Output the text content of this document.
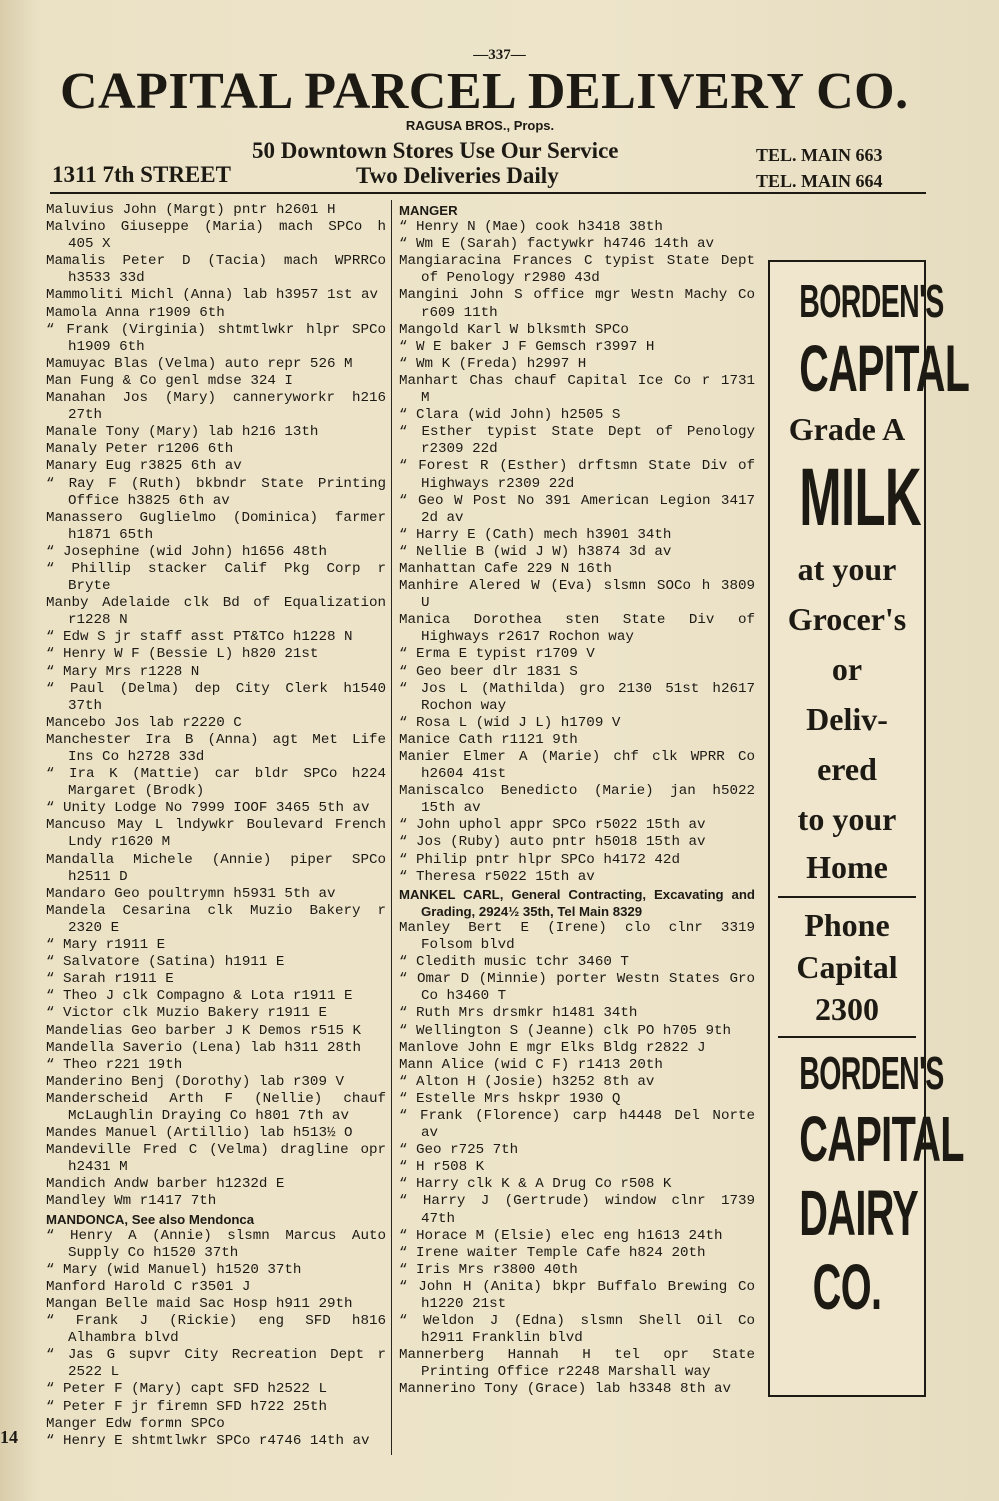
—337—
CAPITAL PARCEL DELIVERY CO.
RAGUSA BROS., Props.
50 Downtown Stores Use Our Service
1311 7th STREET	Two Deliveries Daily
TEL. MAIN 663
TEL. MAIN 664
Maluvius John (Margt) pntr h2601 H
Malvino Giuseppe (Maria) mach SPCo h 405 X
Mamalis Peter D (Tacia) mach WPRRCo h3533 33d
Mammoliti Michl (Anna) lab h3957 1st av
Mamola Anna r1909 6th
“ Frank (Virginia) shtmtlwkr hlpr SPCo h1909 6th
Mamuyac Blas (Velma) auto repr 526 M
Man Fung & Co genl mdse 324 I
Manahan Jos (Mary) canneryworkr h216 27th
Manale Tony (Mary) lab h216 13th
Manaly Peter r1206 6th
Manary Eug r3825 6th av
“ Ray F (Ruth) bkbndr State Printing Office h3825 6th av
Manassero Guglielmo (Dominica) farmer h1871 65th
“ Josephine (wid John) h1656 48th
“ Phillip stacker Calif Pkg Corp r Bryte
Manby Adelaide clk Bd of Equalization r1228 N
“ Edw S jr staff asst PT&TCo h1228 N
“ Henry W F (Bessie L) h820 21st
“ Mary Mrs r1228 N
“ Paul (Delma) dep City Clerk h1540 37th
Mancebo Jos lab r2220 C
Manchester Ira B (Anna) agt Met Life Ins Co h2728 33d
“ Ira K (Mattie) car bldr SPCo h224 Margaret (Brodk)
“ Unity Lodge No 7999 IOOF 3465 5th av
Mancuso May L lndywkr Boulevard French Lndy r1620 M
Mandalla Michele (Annie) piper SPCo h2511 D
Mandaro Geo poultrymn h5931 5th av
Mandela Cesarina clk Muzio Bakery r 2320 E
“ Mary r1911 E
“ Salvatore (Satina) h1911 E
“ Sarah r1911 E
“ Theo J clk Compagno & Lota r1911 E
“ Victor clk Muzio Bakery r1911 E
Mandelias Geo barber J K Demos r515 K
Mandella Saverio (Lena) lab h311 28th
“ Theo r221 19th
Manderino Benj (Dorothy) lab r309 V
Manderscheid Arth F (Nellie) chauf McLaughlin Draying Co h801 7th av
Mandes Manuel (Artillio) lab h513½ O
Mandeville Fred C (Velma) dragline opr h2431 M
Mandich Andw barber h1232d E
Mandley Wm r1417 7th
MANDONCA, See also Mendonca
“ Henry A (Annie) slsmn Marcus Auto Supply Co h1520 37th
“ Mary (wid Manuel) h1520 37th
Manford Harold C r3501 J
Mangan Belle maid Sac Hosp h911 29th
“ Frank J (Rickie) eng SFD h816 Alhambra blvd
“ Jas G supvr City Recreation Dept r 2522 L
“ Peter F (Mary) capt SFD h2522 L
“ Peter F jr firemn SFD h722 25th
Manger Edw formn SPCo
“ Henry E shtmtlwkr SPCo r4746 14th av
MANGER
“ Henry N (Mae) cook h3418 38th
“ Wm E (Sarah) factywkr h4746 14th av
Mangiaracina Frances C typist State Dept of Penology r2980 43d
Mangini John S office mgr Westn Machy Co r609 11th
Mangold Karl W blksmth SPCo
“ W E baker J F Gemsch r3997 H
“ Wm K (Freda) h2997 H
Manhart Chas chauf Capital Ice Co r 1731 M
“ Clara (wid John) h2505 S
“ Esther typist State Dept of Penology r2309 22d
“ Forest R (Esther) drftsmn State Div of Highways r2309 22d
“ Geo W Post No 391 American Legion 3417 2d av
“ Harry E (Cath) mech h3901 34th
“ Nellie B (wid J W) h3874 3d av
Manhattan Cafe 229 N 16th
Manhire Alered W (Eva) slsmn SOCo h 3809 U
Manica Dorothea sten State Div of Highways r2617 Rochon way
“ Erma E typist r1709 V
“ Geo beer dlr 1831 S
“ Jos L (Mathilda) gro 2130 51st h2617 Rochon way
“ Rosa L (wid J L) h1709 V
Manice Cath r1121 9th
Manier Elmer A (Marie) chf clk WPRR Co h2604 41st
Maniscalco Benedicto (Marie) jan h5022 15th av
“ John uphol appr SPCo r5022 15th av
“ Jos (Ruby) auto pntr h5018 15th av
“ Philip pntr hlpr SPCo h4172 42d
“ Theresa r5022 15th av
MANKEL CARL, General Contracting, Excavating and Grading, 2924½ 35th, Tel Main 8329
Manley Bert E (Irene) clo clnr 3319 Folsom blvd
“ Cledith music tchr 3460 T
“ Omar D (Minnie) porter Westn States Gro Co h3460 T
“ Ruth Mrs drsmkr h1481 34th
“ Wellington S (Jeanne) clk PO h705 9th
Manlove John E mgr Elks Bldg r2822 J
Mann Alice (wid C F) r1413 20th
“ Alton H (Josie) h3252 8th av
“ Estelle Mrs hskpr 1930 Q
“ Frank (Florence) carp h4448 Del Norte av
“ Geo r725 7th
“ H r508 K
“ Harry clk K & A Drug Co r508 K
“ Harry J (Gertrude) window clnr 1739 47th
“ Horace M (Elsie) elec eng h1613 24th
“ Irene waiter Temple Cafe h824 20th
“ Iris Mrs r3800 40th
“ John H (Anita) bkpr Buffalo Brewing Co h1220 21st
“ Weldon J (Edna) slsmn Shell Oil Co h2911 Franklin blvd
Mannerberg Hannah H tel opr State Printing Office r2248 Marshall way
Mannerino Tony (Grace) lab h3348 8th av
BORDEN'S
CAPITAL
Grade A
MILK
at your
Grocer's
or
Deliv-
ered
to your
Home
Phone
Capital
2300
BORDEN'S
CAPITAL
DAIRY
CO.
14
